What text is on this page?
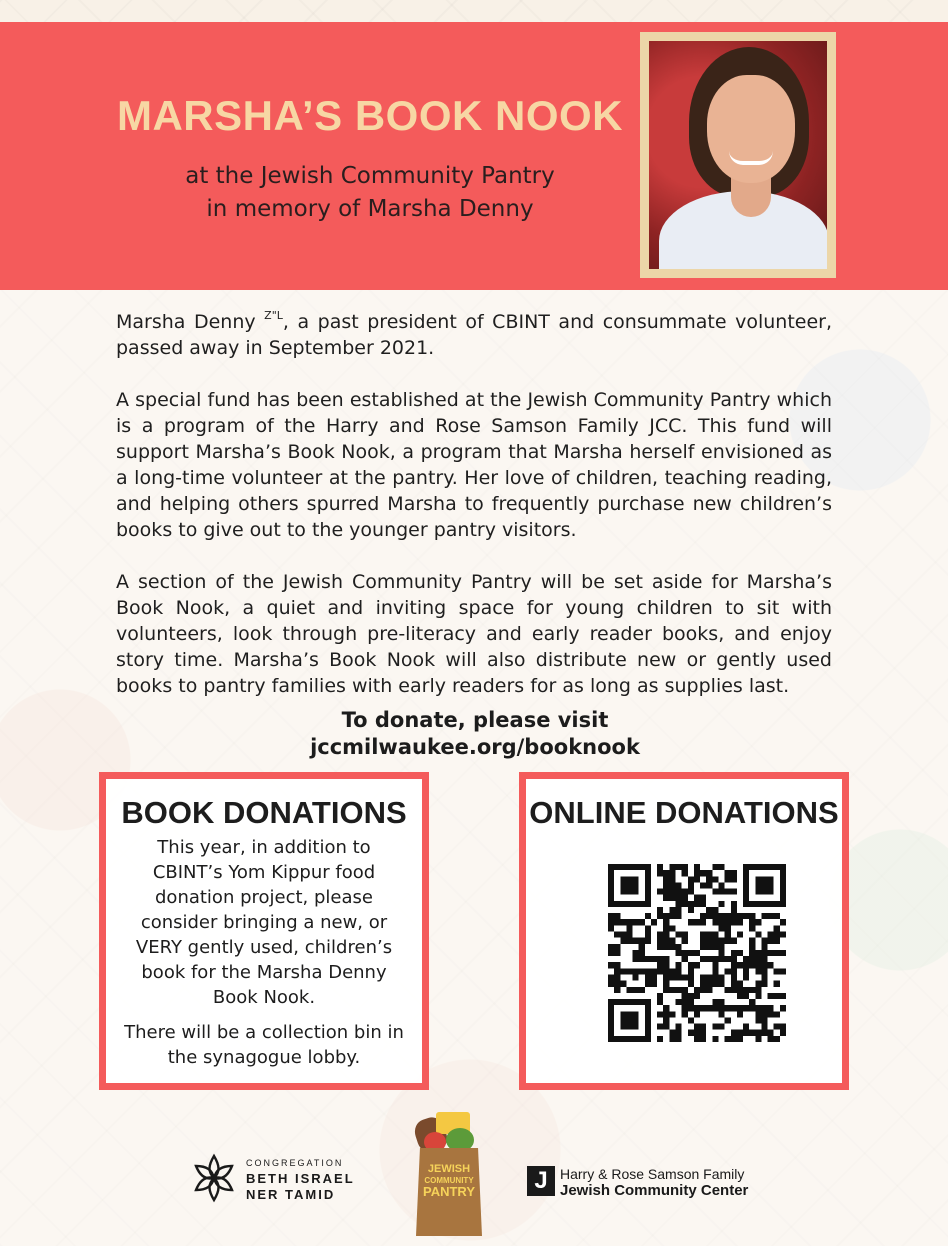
MARSHA’S BOOK NOOK
at the Jewish Community Pantry
in memory of Marsha Denny

Marsha Denny $^{Z"L}$, a past president of CBINT and consummate volunteer, passed away in September 2021.

A special fund has been established at the Jewish Community Pantry which is a program of the Harry and Rose Samson Family JCC. This fund will support Marsha’s Book Nook, a program that Marsha herself envisioned as a long-time volunteer at the pantry. Her love of children, teaching reading, and helping others spurred Marsha to frequently purchase new children’s books to give out to the younger pantry visitors.

A section of the Jewish Community Pantry will be set aside for Marsha’s Book Nook, a quiet and inviting space for young children to sit with volunteers, look through pre-literacy and early reader books, and enjoy story time. Marsha’s Book Nook will also distribute new or gently used books to pantry families with early readers for as long as supplies last.

To donate, please visit
jccmilwaukee.org/booknook
BOOK DONATIONS
This year, in addition to CBINT’s Yom Kippur food donation project, please consider bringing a new, or VERY gently used, children’s book for the Marsha Denny Book Nook.
There will be a collection bin in the synagogue lobby.
ONLINE DONATIONS
CONGREGATION
BETH ISRAEL
NER TAMID
JEWISH
COMMUNITY
PANTRY	J Harry & Rose Samson Family
Jewish Community Center
